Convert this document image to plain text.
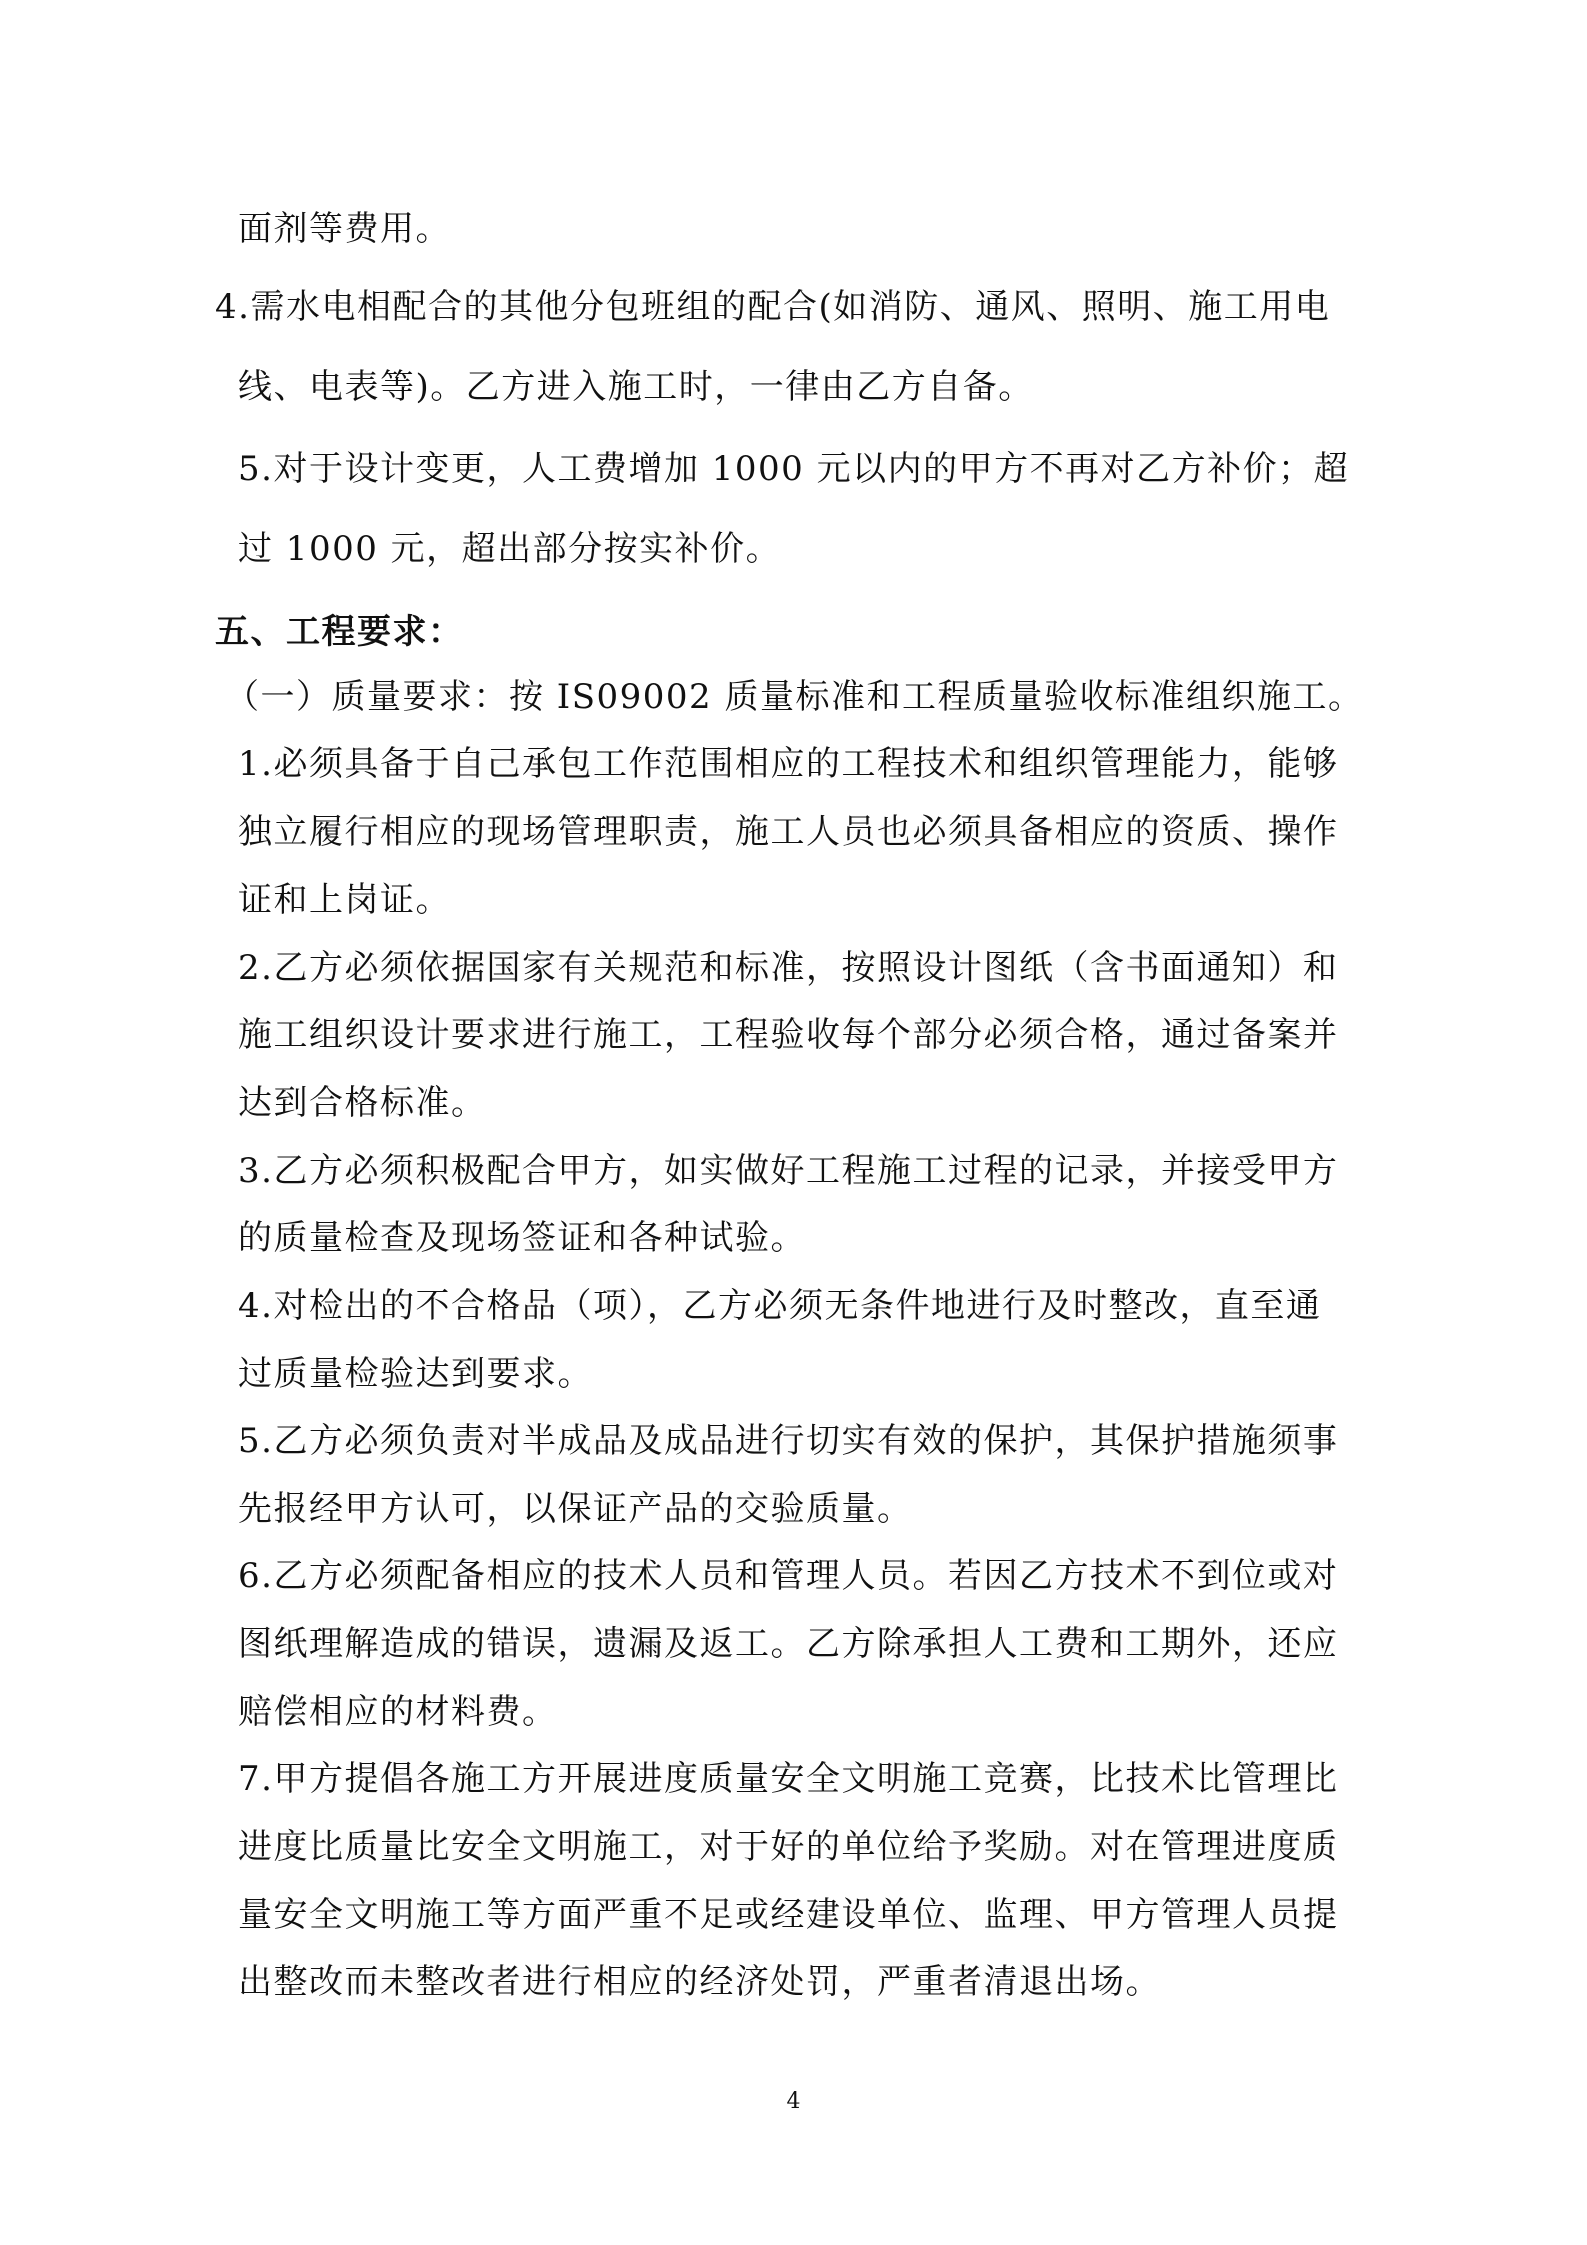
面剂等费用。
4.需水电相配合的其他分包班组的配合(如消防、通风、照明、施工用电
线、电表等)。乙方进入施工时，一律由乙方自备。
5.对于设计变更，人工费增加 1000 元以内的甲方不再对乙方补价；超
过 1000 元，超出部分按实补价。
五、工程要求：
（一）质量要求：按 IS09002 质量标准和工程质量验收标准组织施工。
1.必须具备于自己承包工作范围相应的工程技术和组织管理能力，能够
独立履行相应的现场管理职责，施工人员也必须具备相应的资质、操作
证和上岗证。
2.乙方必须依据国家有关规范和标准，按照设计图纸（含书面通知）和
施工组织设计要求进行施工，工程验收每个部分必须合格，通过备案并
达到合格标准。
3.乙方必须积极配合甲方，如实做好工程施工过程的记录，并接受甲方
的质量检查及现场签证和各种试验。
4.对检出的不合格品（项），乙方必须无条件地进行及时整改，直至通
过质量检验达到要求。
5.乙方必须负责对半成品及成品进行切实有效的保护，其保护措施须事
先报经甲方认可，以保证产品的交验质量。
6.乙方必须配备相应的技术人员和管理人员。若因乙方技术不到位或对
图纸理解造成的错误，遗漏及返工。乙方除承担人工费和工期外，还应
赔偿相应的材料费。
7.甲方提倡各施工方开展进度质量安全文明施工竞赛，比技术比管理比
进度比质量比安全文明施工，对于好的单位给予奖励。对在管理进度质
量安全文明施工等方面严重不足或经建设单位、监理、甲方管理人员提
出整改而未整改者进行相应的经济处罚，严重者清退出场。
4
